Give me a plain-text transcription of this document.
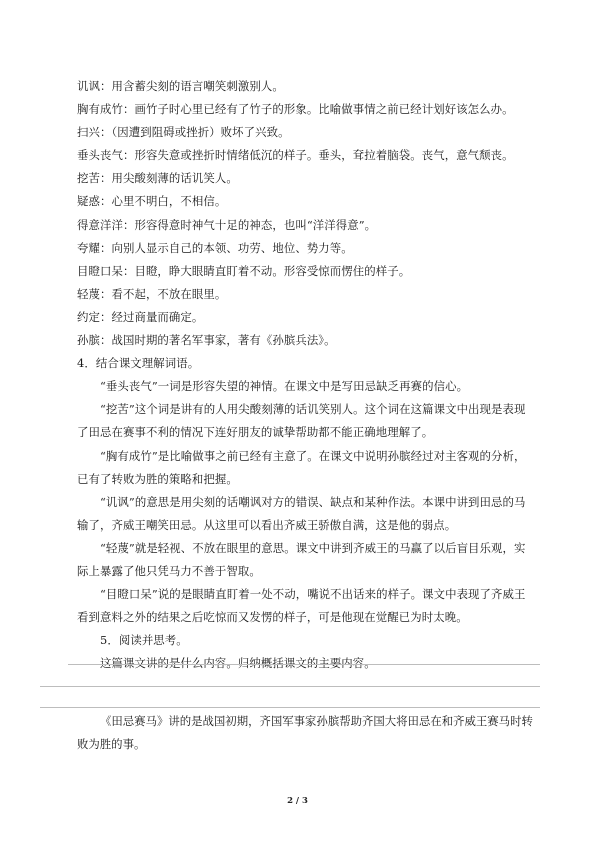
讥讽：用含蓄尖刻的语言嘲笑刺激别人。
胸有成竹：画竹子时心里已经有了竹子的形象。比喻做事情之前已经计划好该怎么办。
扫兴：（因遭到阻碍或挫折）败坏了兴致。
垂头丧气：形容失意或挫折时情绪低沉的样子。垂头，耷拉着脑袋。丧气，意气颓丧。
挖苦：用尖酸刻薄的话讥笑人。
疑惑：心里不明白，不相信。
得意洋洋：形容得意时神气十足的神态，也叫“洋洋得意”。
夸耀：向别人显示自己的本领、功劳、地位、势力等。
目瞪口呆：目瞪，睁大眼睛直盯着不动。形容受惊而愣住的样子。
轻蔑：看不起，不放在眼里。
约定：经过商量而确定。
孙膑：战国时期的著名军事家，著有《孙膑兵法》。
4．结合课文理解词语。
“垂头丧气”一词是形容失望的神情。在课文中是写田忌缺乏再赛的信心。
“挖苦”这个词是讲有的人用尖酸刻薄的话讥笑别人。这个词在这篇课文中出现是表现
了田忌在赛事不利的情况下连好朋友的诚挚帮助都不能正确地理解了。
“胸有成竹”是比喻做事之前已经有主意了。在课文中说明孙膑经过对主客观的分析，
已有了转败为胜的策略和把握。
“讥讽”的意思是用尖刻的话嘲讽对方的错误、缺点和某种作法。本课中讲到田忌的马
输了，齐威王嘲笑田忌。从这里可以看出齐威王骄傲自满，这是他的弱点。
“轻蔑”就是轻视、不放在眼里的意思。课文中讲到齐威王的马赢了以后盲目乐观，实
际上暴露了他只凭马力不善于智取。
“目瞪口呆”说的是眼睛直盯着一处不动，嘴说不出话来的样子。课文中表现了齐威王
看到意料之外的结果之后吃惊而又发愣的样子，可是他现在觉醒已为时太晚。
5．阅读并思考。
这篇课文讲的是什么内容。归纳概括课文的主要内容。
《田忌赛马》讲的是战国初期，齐国军事家孙膑帮助齐国大将田忌在和齐威王赛马时转
败为胜的事。
2 / 3
